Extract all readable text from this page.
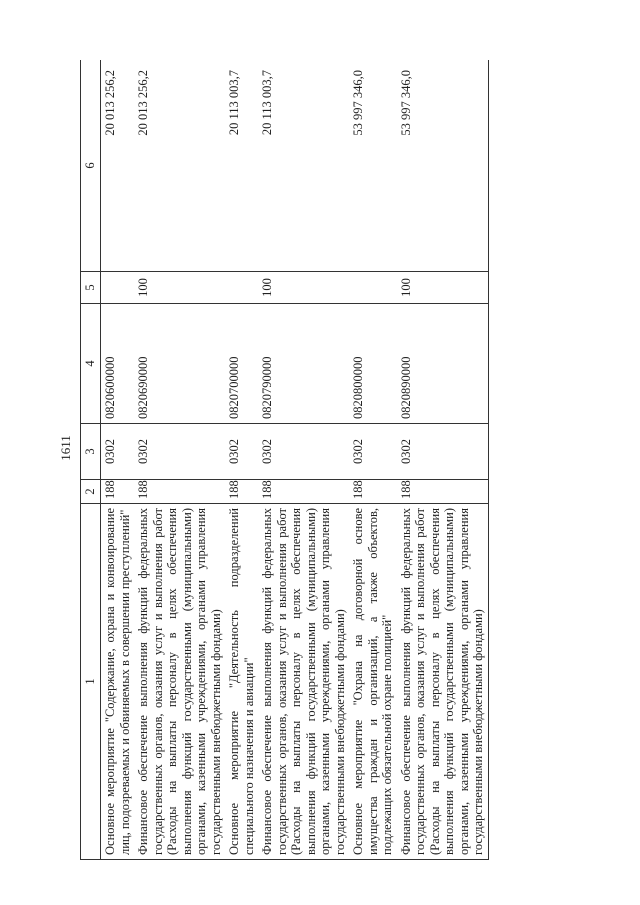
1611
1	2	3	4	5	6
Основное мероприятие "Содержание, охрана и конвоирование лиц, подозреваемых и обвиняемых в совершении преступлений"	188	0302	0820600000		20 013 256,2
Финансовое обеспечение выполнения функций федеральных государственных органов, оказания услуг и выполнения работ (Расходы на выплаты персоналу в целях обеспечения выполнения функций государственными (муниципальными) органами, казенными учреждениями, органами управления государственными внебюджетными фондами)	188	0302	0820690000	100	20 013 256,2
Основное мероприятие "Деятельность подразделений специального назначения и авиации"	188	0302	0820700000		20 113 003,7
Финансовое обеспечение выполнения функций федеральных государственных органов, оказания услуг и выполнения работ (Расходы на выплаты персоналу в целях обеспечения выполнения функций государственными (муниципальными) органами, казенными учреждениями, органами управления государственными внебюджетными фондами)	188	0302	0820790000	100	20 113 003,7
Основное мероприятие "Охрана на договорной основе имущества граждан и организаций, а также объектов, подлежащих обязательной охране полицией"	188	0302	0820800000		53 997 346,0
Финансовое обеспечение выполнения функций федеральных государственных органов, оказания услуг и выполнения работ (Расходы на выплаты персоналу в целях обеспечения выполнения функций государственными (муниципальными) органами, казенными учреждениями, органами управления государственными внебюджетными фондами)	188	0302	0820890000	100	53 997 346,0
